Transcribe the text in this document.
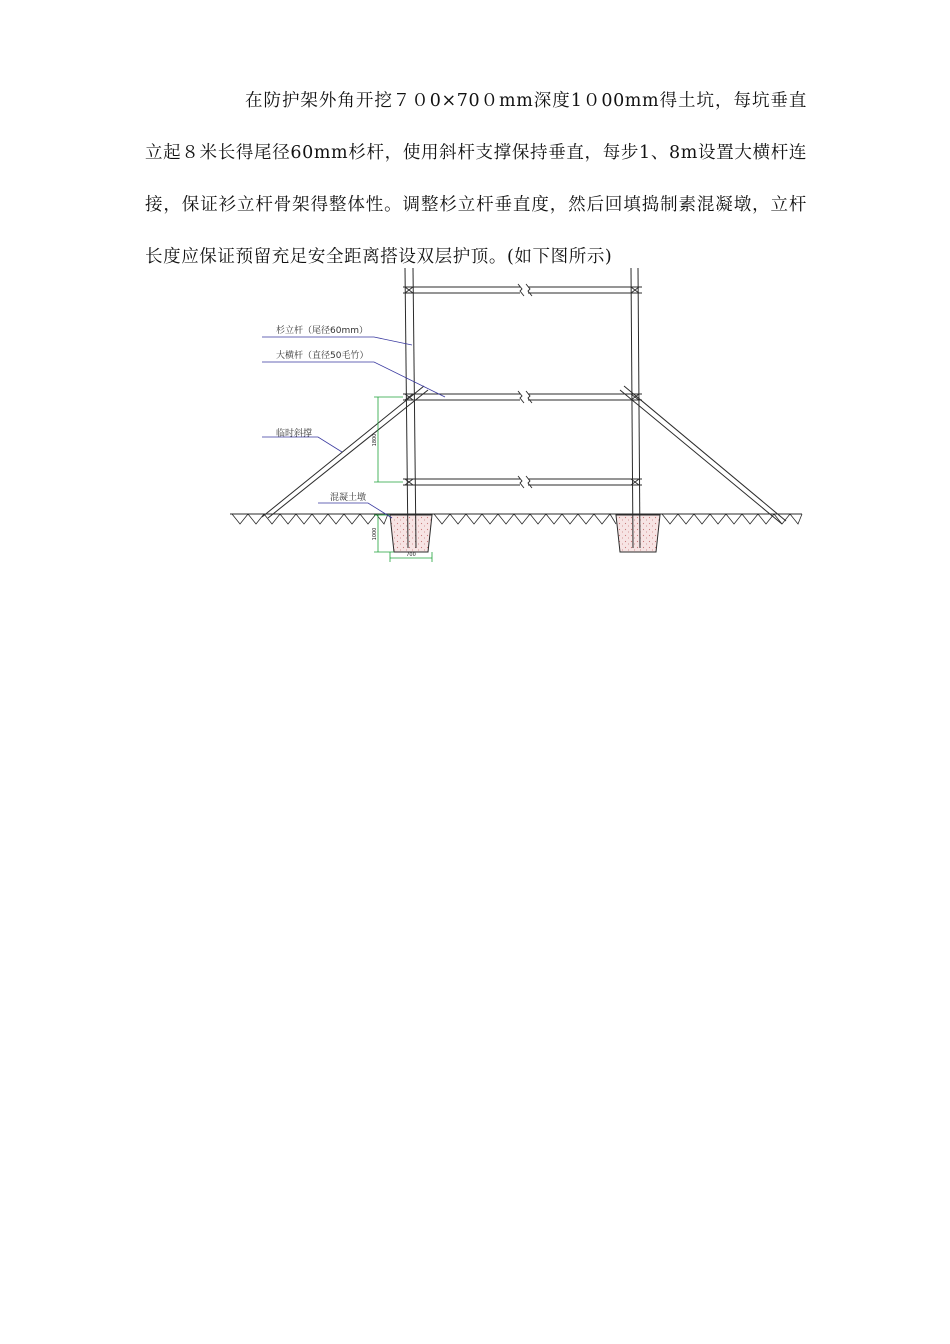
在防护架外角开挖７０0×70０mm深度1０00mm得土坑，每坑垂直立起８米长得尾径60mm杉杆，使用斜杆支撑保持垂直，每步1、8m设置大横杆连接，保证衫立杆骨架得整体性。调整杉立杆垂直度，然后回填捣制素混凝墩，立杆长度应保证预留充足安全距离搭设双层护顶。(如下图所示)

1800
1000
700
杉立杆（尾径60mm）
大横杆（直径50毛竹）
临时斜撑
混凝土墩
